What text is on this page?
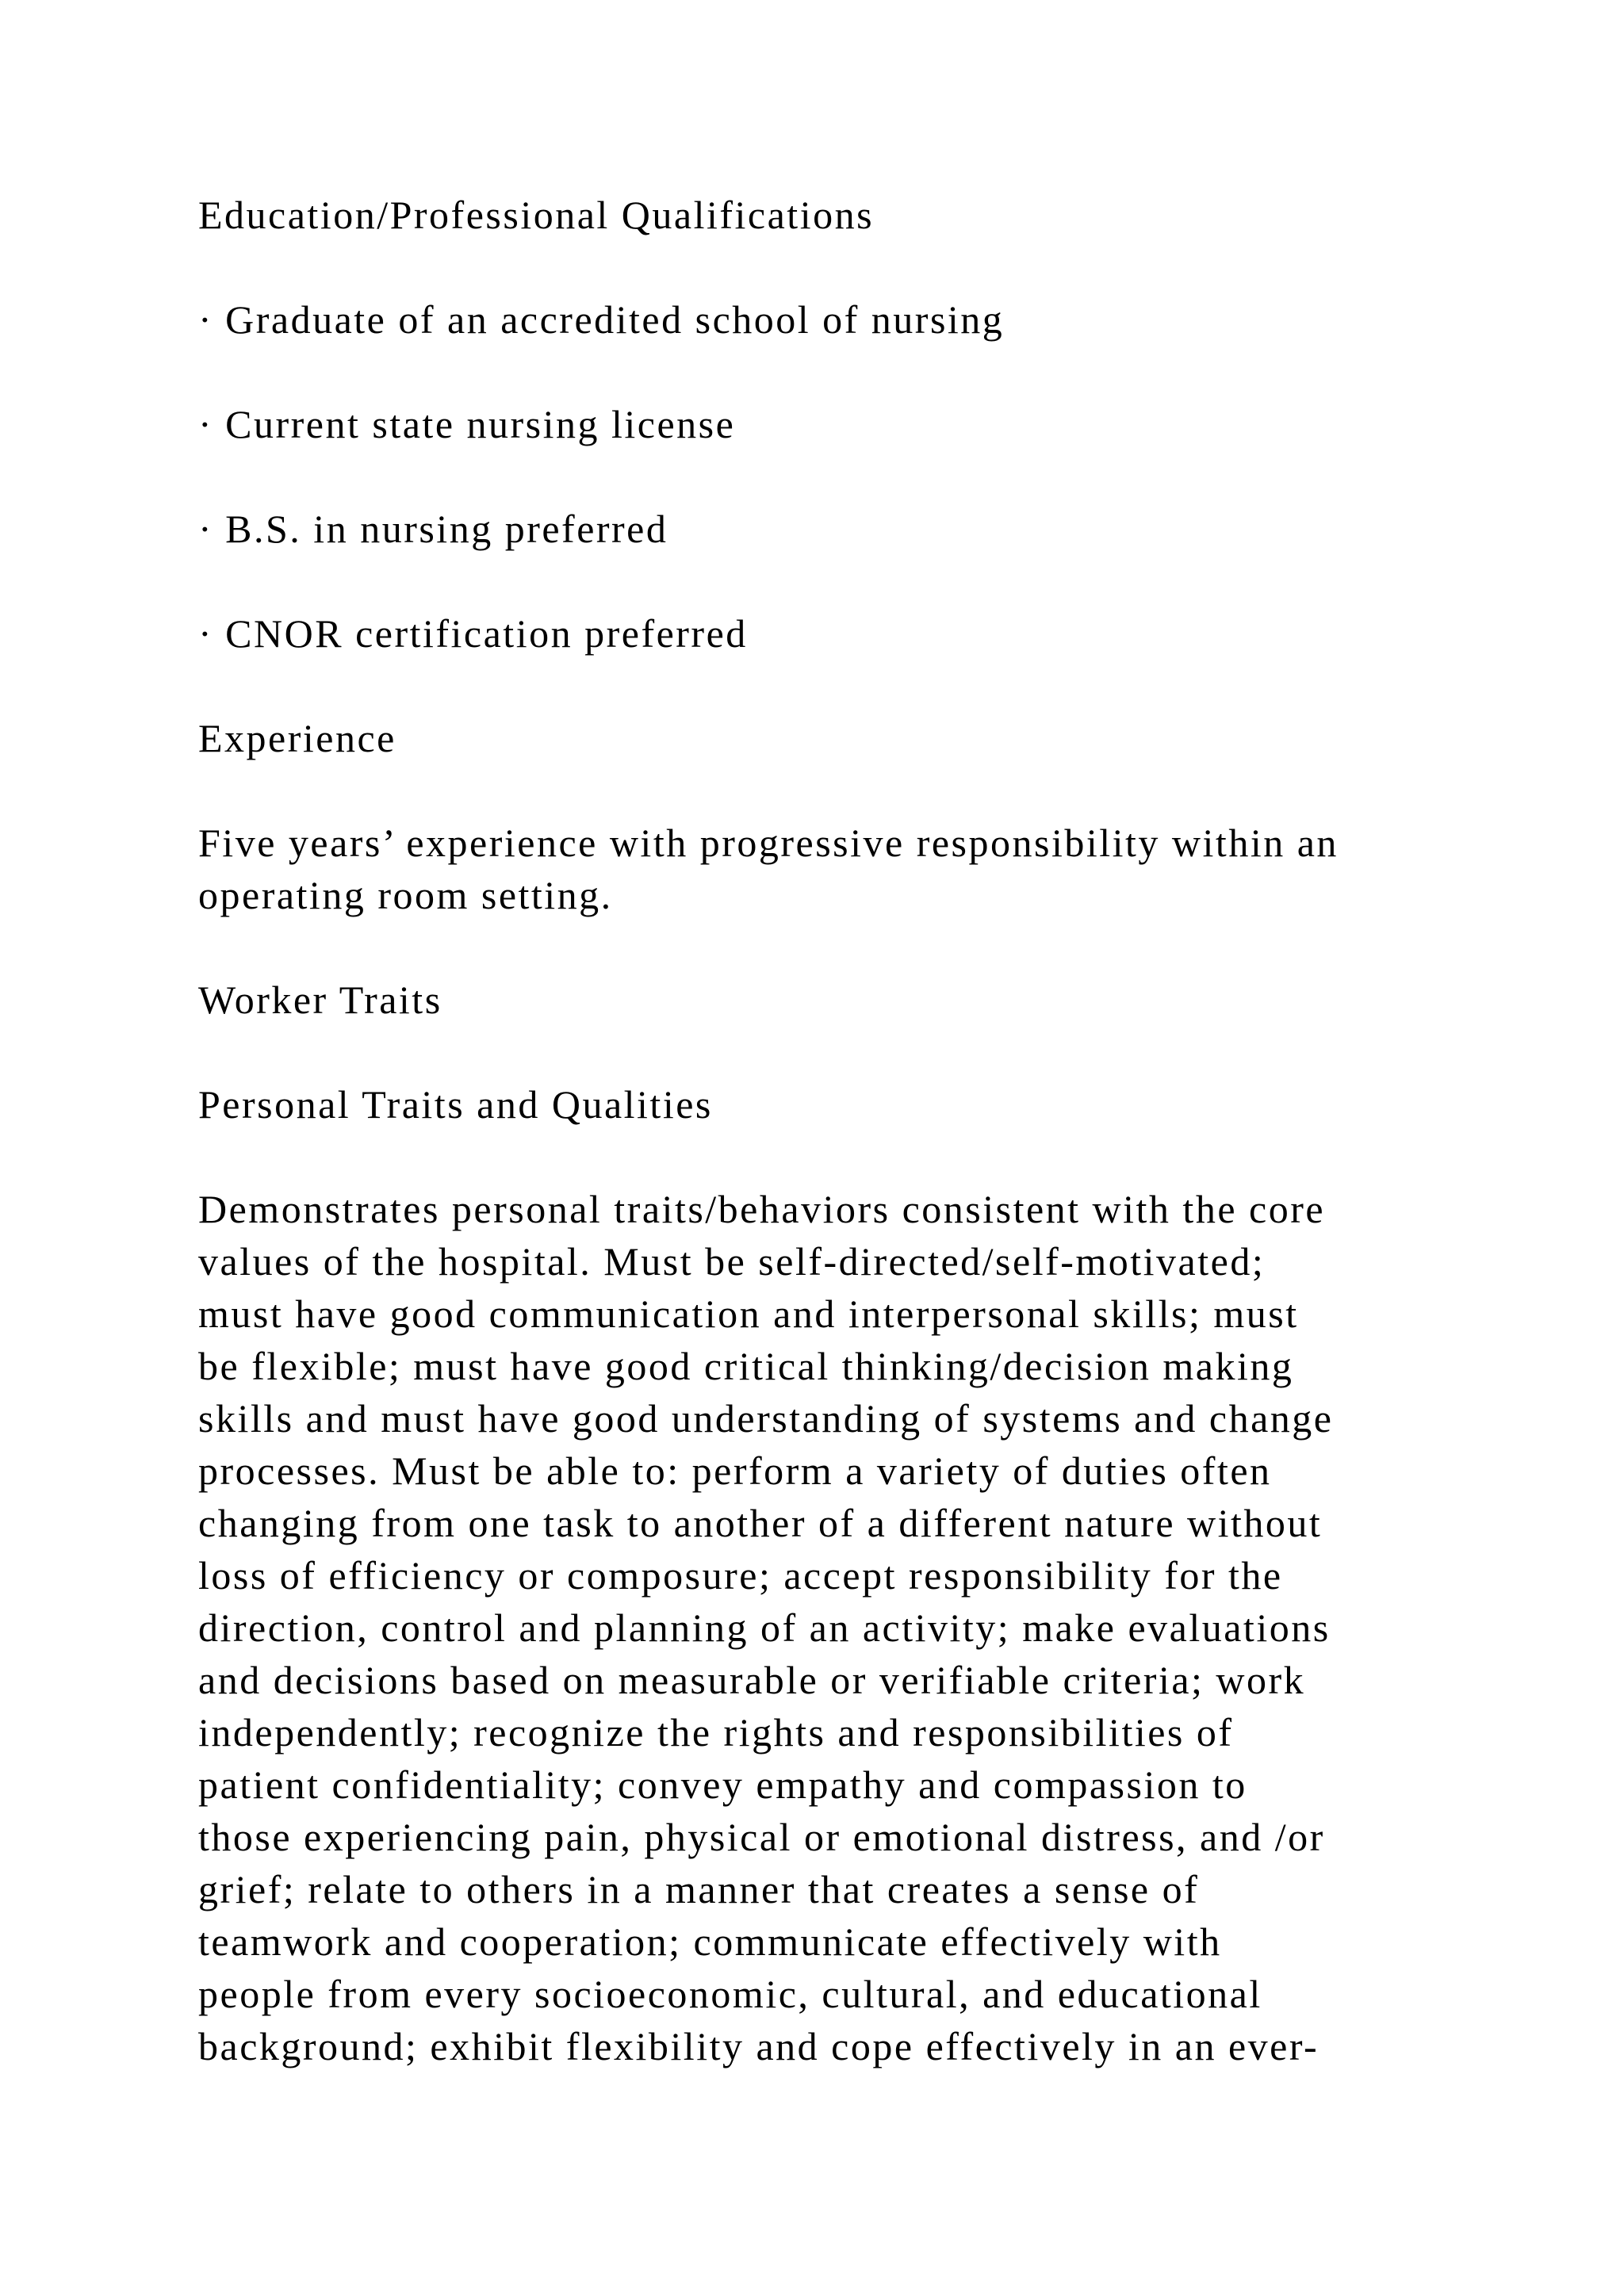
Education/Professional Qualifications

· Graduate of an accredited school of nursing

· Current state nursing license

· B.S. in nursing preferred

· CNOR certification preferred

Experience

Five years’ experience with progressive responsibility within an
operating room setting.

Worker Traits

Personal Traits and Qualities

Demonstrates personal traits/behaviors consistent with the core
values of the hospital. Must be self-directed/self-motivated;
must have good communication and interpersonal skills; must
be flexible; must have good critical thinking/decision making
skills and must have good understanding of systems and change
processes. Must be able to: perform a variety of duties often
changing from one task to another of a different nature without
loss of efficiency or composure; accept responsibility for the
direction, control and planning of an activity; make evaluations
and decisions based on measurable or verifiable criteria; work
independently; recognize the rights and responsibilities of
patient confidentiality; convey empathy and compassion to
those experiencing pain, physical or emotional distress, and /or
grief; relate to others in a manner that creates a sense of
teamwork and cooperation; communicate effectively with
people from every socioeconomic, cultural, and educational
background; exhibit flexibility and cope effectively in an ever-
